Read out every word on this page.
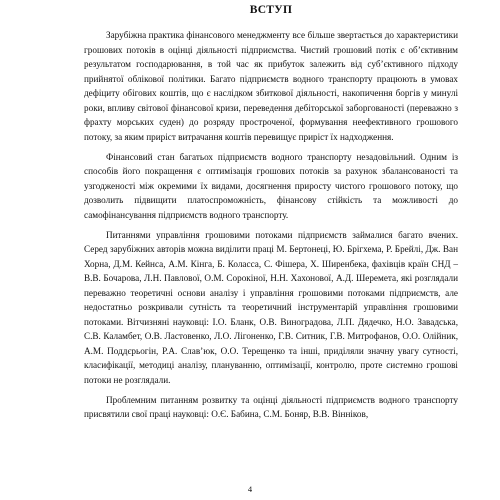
ВСТУП

Зарубіжна практика фінансового менеджменту все більше звертається до характеристики грошових потоків в оцінці діяльності підприємства. Чистий грошовий потік є об’єктивним результатом господарювання, в той час як прибуток залежить від суб’єктивного підходу прийнятої облікової політики. Багато підприємств водного транспорту працюють в умовах дефіциту обігових коштів, що є наслідком збиткової діяльності, накопичення боргів у минулі роки, впливу світової фінансової кризи, переведення дебіторської заборгованості (переважно з фрахту морських суден) до розряду простроченої, формування неефективного грошового потоку, за яким приріст витрачання коштів перевищує приріст їх надходження.

Фінансовий стан багатьох підприємств водного транспорту незадовільний. Одним із способів його покращення є оптимізація грошових потоків за рахунок збалансованості та узгодженості між окремими їх видами, досягнення приросту чистого грошового потоку, що дозволить підвищити платоспроможність, фінансову стійкість та можливості до самофінансування підприємств водного транспорту.

Питаннями управління грошовими потоками підприємств займалися багато вчених. Серед зарубіжних авторів можна виділити праці М. Бертонеці, Ю. Брігхема, Р. Брейлі, Дж. Ван Хорна, Д.М. Кейнса, А.М. Кінга, Б. Коласса, С. Фішера, Х. Ширенбека, фахівців країн СНД – В.В. Бочарова, Л.Н. Павлової, О.М. Сорокіної, Н.Н. Хахонової, А.Д. Шеремета, які розглядали переважно теоретичні основи аналізу і управління грошовими потоками підприємств, але недостатньо розкривали сутність та теоретичний інструментарій управління грошовими потоками. Вітчизняні науковці: І.О. Бланк, О.В. Виноградова, Л.П. Дядечко, Н.О. Завадська, С.В. Каламбет, О.В. Ластовенко, Л.О. Лігоненко, Г.В. Ситник, Г.В. Митрофанов, О.О. Олійник, А.М. Поддєрьогін, Р.А. Слав’юк, О.О. Терещенко та інші, приділяли значну увагу сутності, класифікації, методиці аналізу, плануванню, оптимізації, контролю, проте системно грошові потоки не розглядали.

Проблемним питанням розвитку та оцінці діяльності підприємств водного транспорту присвятили свої праці науковці: О.Є. Бабина, С.М. Боняр, В.В. Вінніков,

4
